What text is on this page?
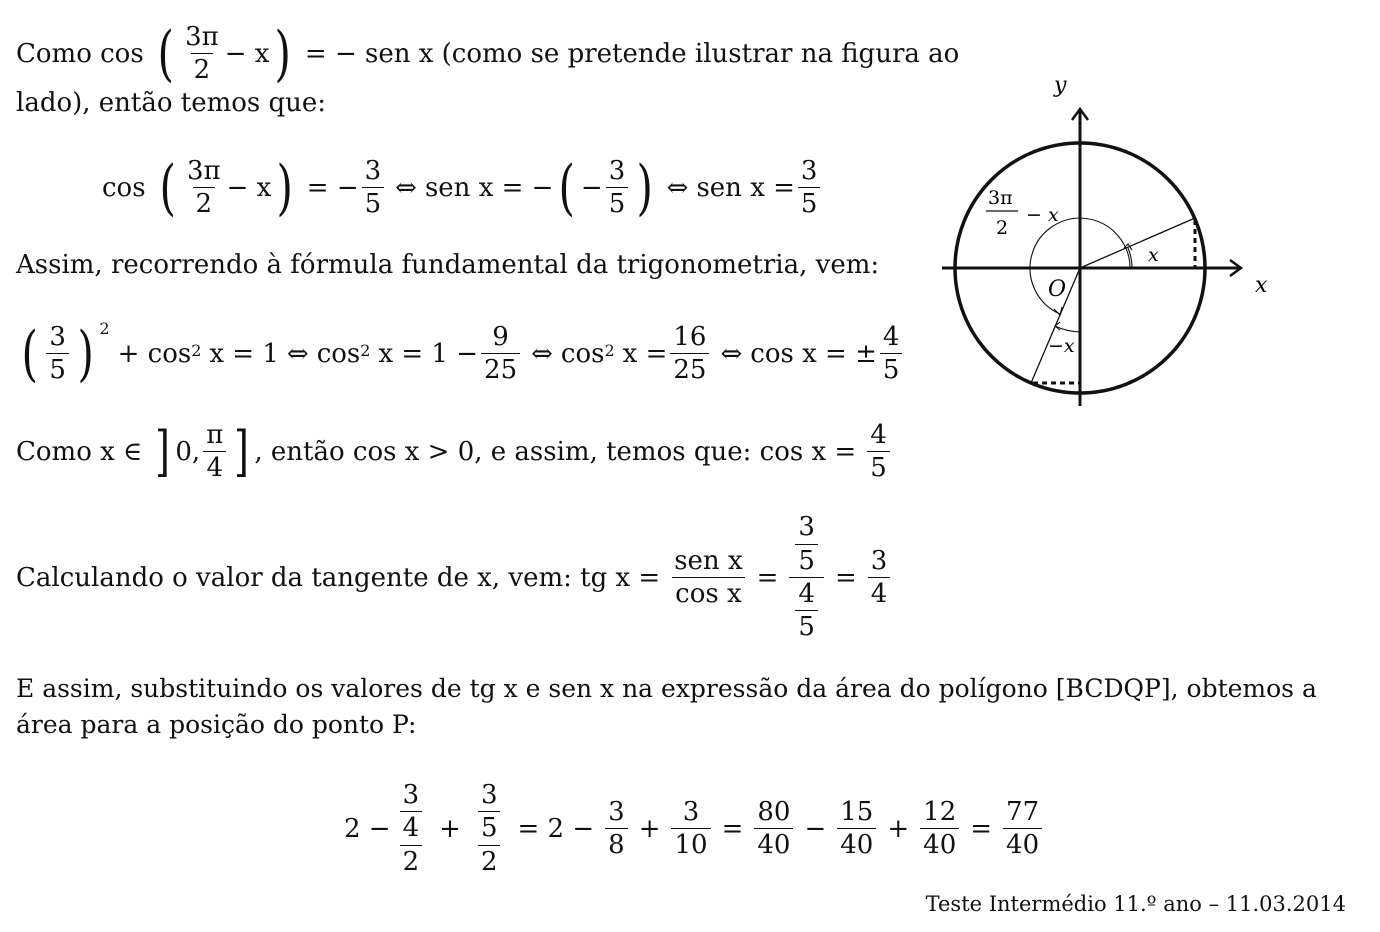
Como cos ( $\frac{3\pi}{2} - x$ ) = − sen x (como se pretende ilustrar na figura ao
lado), então temos que:
cos ( $\frac{3\pi}{2} - x$ ) = − $\frac{3}{5}$ ⇔ sen x = − ( − $\frac{3}{5}$ ) ⇔ sen $x = \frac{3}{5}$
Assim, recorrendo à fórmula fundamental da trigonometria, vem:
( $\frac{3}{5}$ ) $^2$
+ $\cos^2 x = 1$ ⇔ $\cos^2 x = 1 - \frac{9}{25}$ ⇔ $\cos^2 x = \frac{16}{25}$ ⇔ cos x = ± $\frac{4}{5}$
Como x ∈ ] 0, $\frac{\pi}{4}$ ] , então cos x > 0, e assim, temos que: $\cos x = \frac{4}{5}$
Calculando o valor da tangente de x, vem: tg $x = \frac{\text{sen x}}{\text{cos x}} = \frac{\frac{3}{5}}{\frac{4}{5}} = \frac{3}{4}$
E assim, substituindo os valores de tg x e sen x na expressão da área do polígono [BCDQP], obtemos a
área para a posição do ponto P:
$2 - \frac{\frac{3}{4}}{2} + \frac{\frac{3}{5}}{2} = 2 - \frac{3}{8} + \frac{3}{10} = \frac{80}{40} - \frac{15}{40} + \frac{12}{40} = \frac{77}{40}$
Teste Intermédio 11.º ano – 11.03.2014
y
x
O
3π
2
− x
x
−x
